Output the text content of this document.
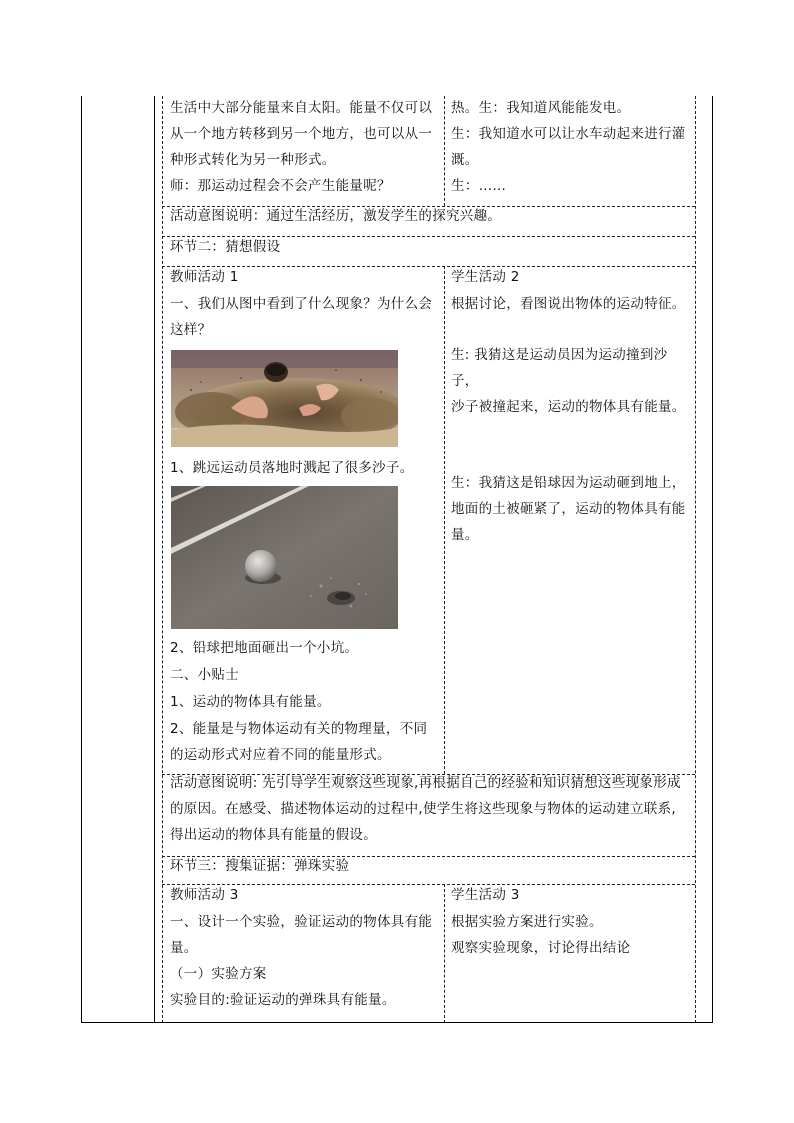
生活中大部分能量来自太阳。能量不仅可以

从一个地方转移到另一个地方，也可以从一

种形式转化为另一种形式。

师：那运动过程会不会产生能量呢？

热。生：我知道风能能发电。

生：我知道水可以让水车动起来进行灌

溉。

生：……

活动意图说明：通过生活经历，激发学生的探究兴趣。
环节二：猜想假设
教师活动 1	学生活动 2

一、我们从图中看到了什么现象？为什么会

这样？

1、跳远运动员落地时溅起了很多沙子。
2、铅球把地面砸出一个小坑。
二、小贴士
1、运动的物体具有能量。

2、能量是与物体运动有关的物理量，不同

的运动形式对应着不同的能量形式。

根据讨论，看图说出物体的运动特征。

生: 我猜这是运动员因为运动撞到沙子，

沙子被撞起来，运动的物体具有能量。

生：我猜这是铅球因为运动砸到地上，

地面的土被砸紧了，运动的物体具有能

量。

活动意图说明: 先引导学生观察这些现象,再根据自己的经验和知识猜想这些现象形成

的原因。在感受、描述物体运动的过程中,使学生将这些现象与物体的运动建立联系,

得出运动的物体具有能量的假设。

环节三：搜集证据：弹珠实验
教师活动 3	学生活动 3

一、设计一个实验，验证运动的物体具有能

量。

（一）实验方案

实验目的:验证运动的弹珠具有能量。

根据实验方案进行实验。

观察实验现象，讨论得出结论
